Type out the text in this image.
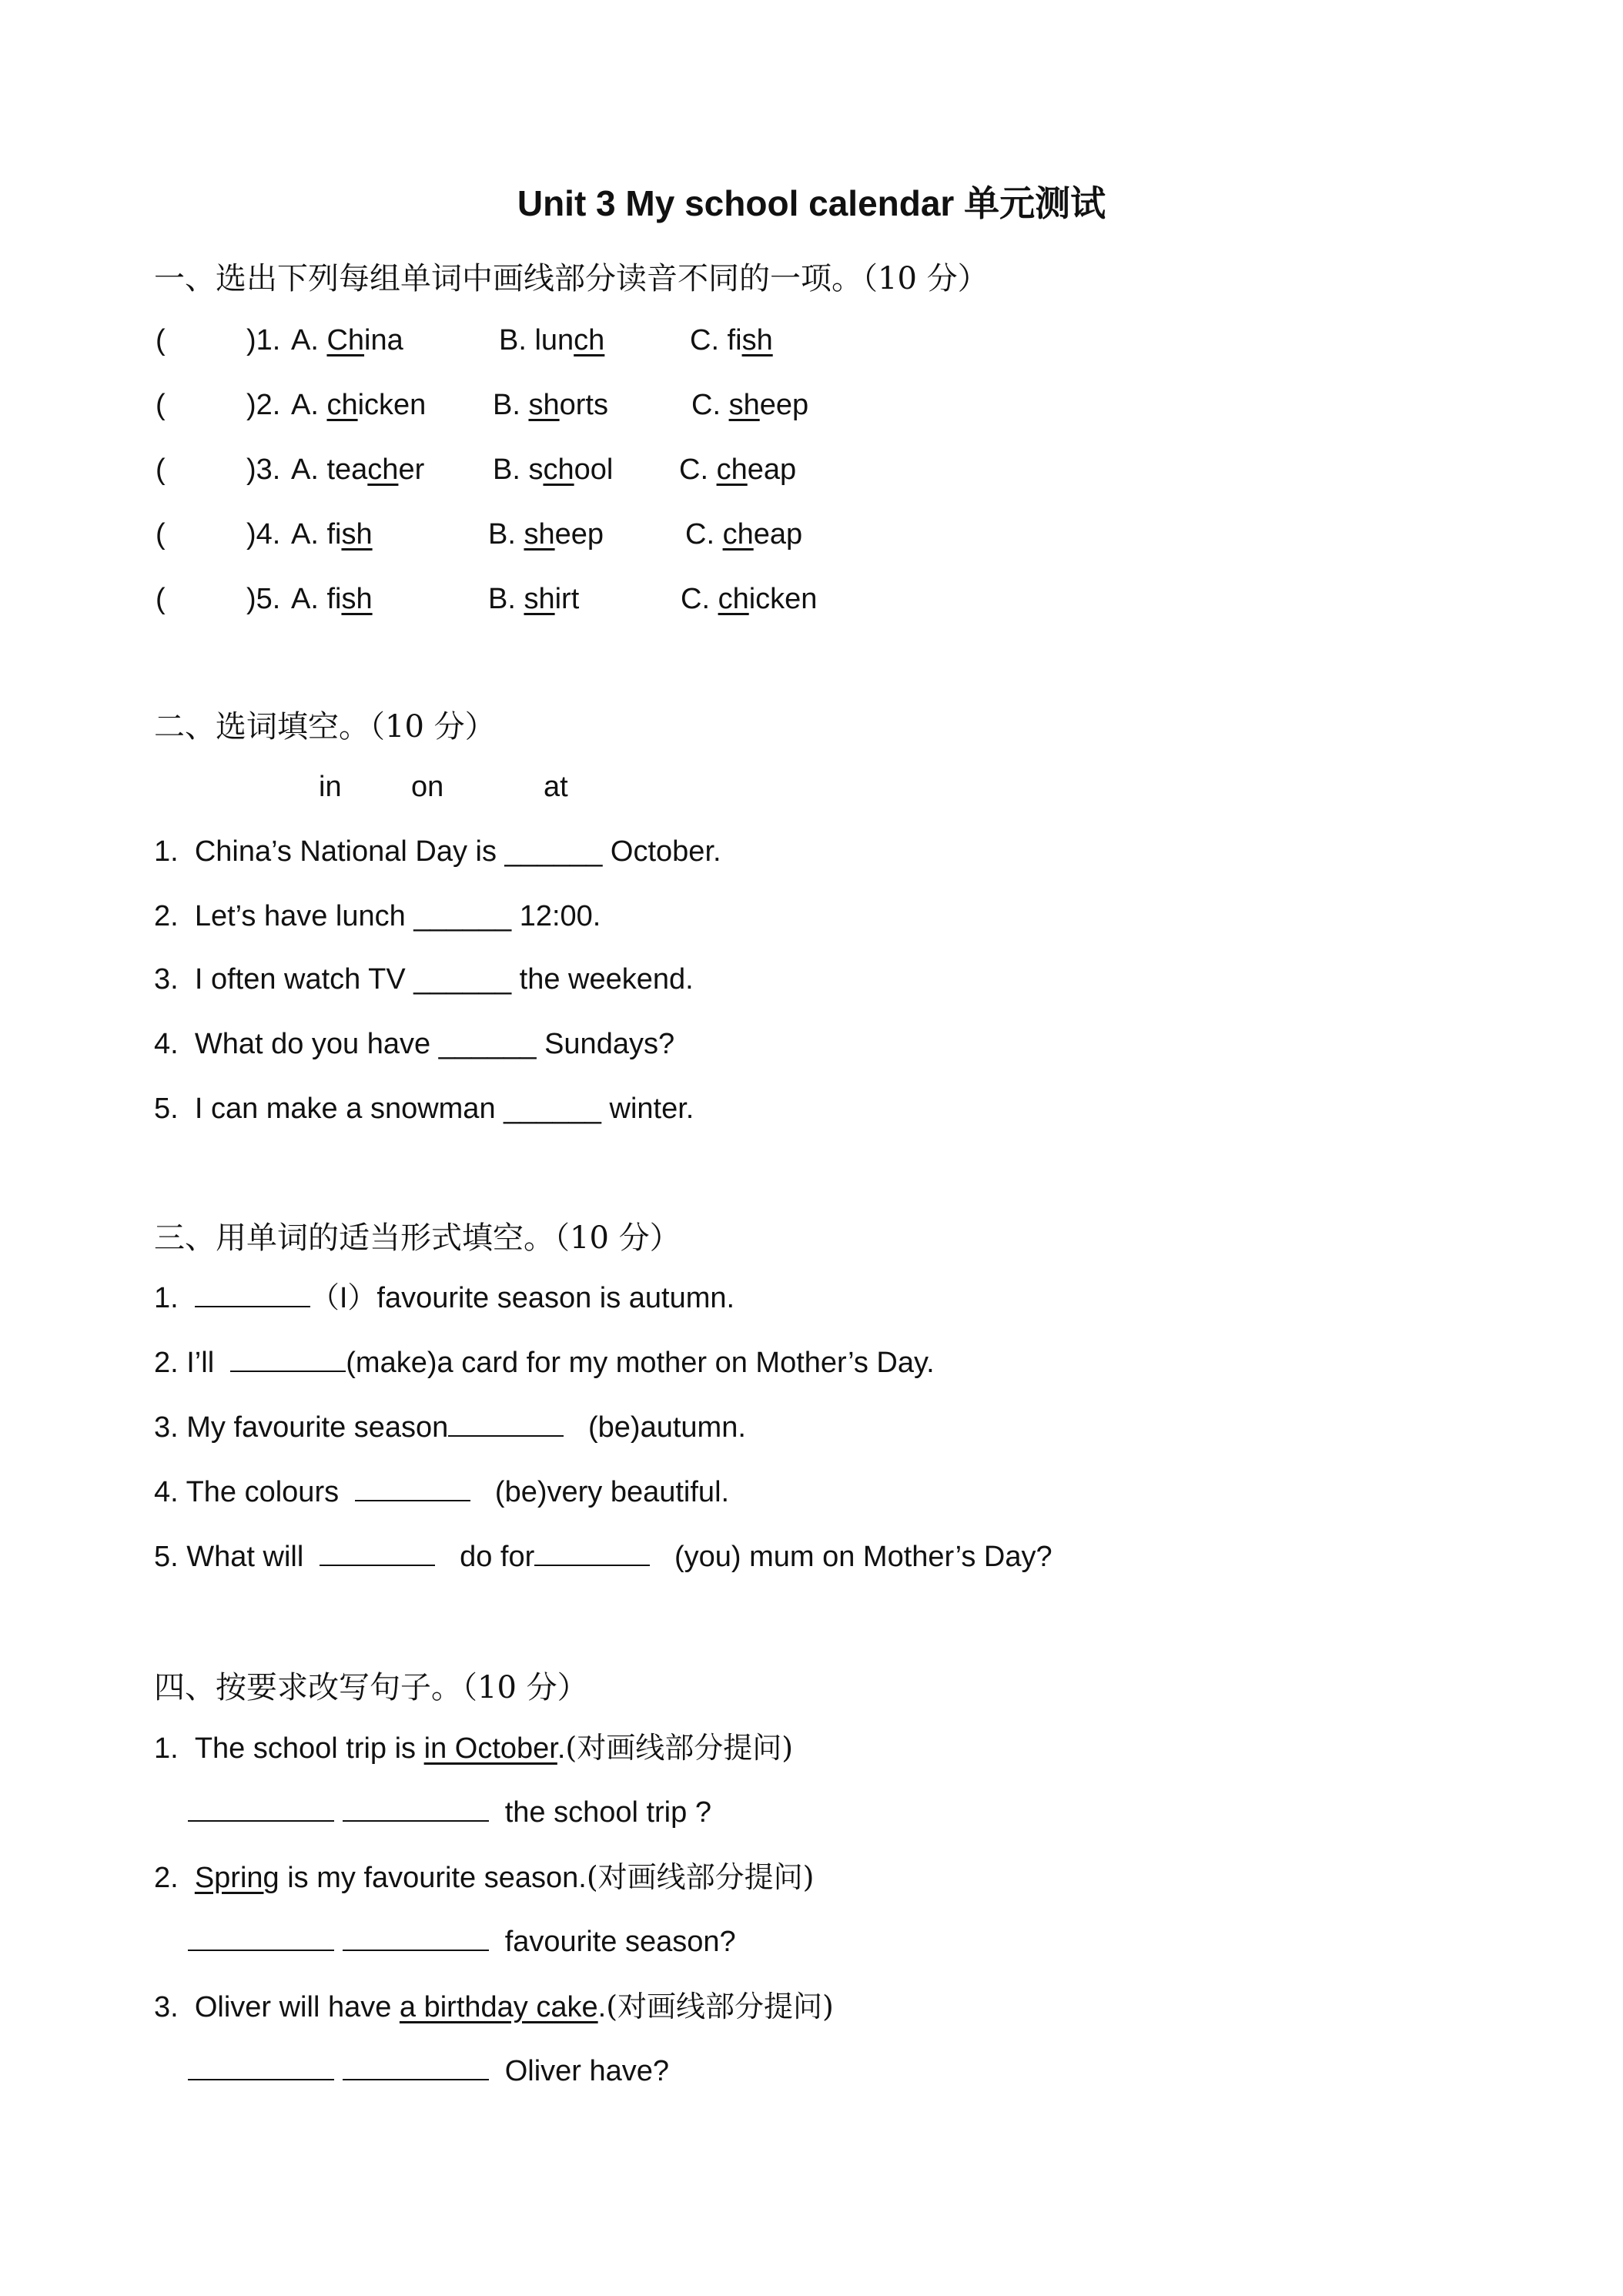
Unit 3 My school calendar 单元测试
一、选出下列每组单词中画线部分读音不同的一项。（10 分）
(	)1. A. China	B. lunch	C. fish
(	)2. A. chicken B. shorts	C. sheep
(	)3. A. teacher B. school C. cheap
(	)4. A. fish	B. sheep	C. cheap
(	)5. A. fish	B. shirt	C. chicken
二、选词填空。（10 分）
in on	at
1. China’s National Day is ______ October.
2. Let’s have lunch ______ 12:00.
3. I often watch TV ______ the weekend.
4. What do you have ______ Sundays?
5. I can make a snowman ______ winter.
三、用单词的适当形式填空。（10 分）
1.	（I）favourite season is autumn.
2. I’ll	(make)a card for my mother on Mother’s Day.
3. My favourite season	(be)autumn.
4. The colours	(be)very beautiful.
5. What will	do for	(you) mum on Mother’s Day?
四、按要求改写句子。（10 分）
1. The school trip is in October.(对画线部分提问)
the school trip ?
2. Spring is my favourite season.(对画线部分提问)
favourite season?
3. Oliver will have a birthday cake.(对画线部分提问)
Oliver have?
